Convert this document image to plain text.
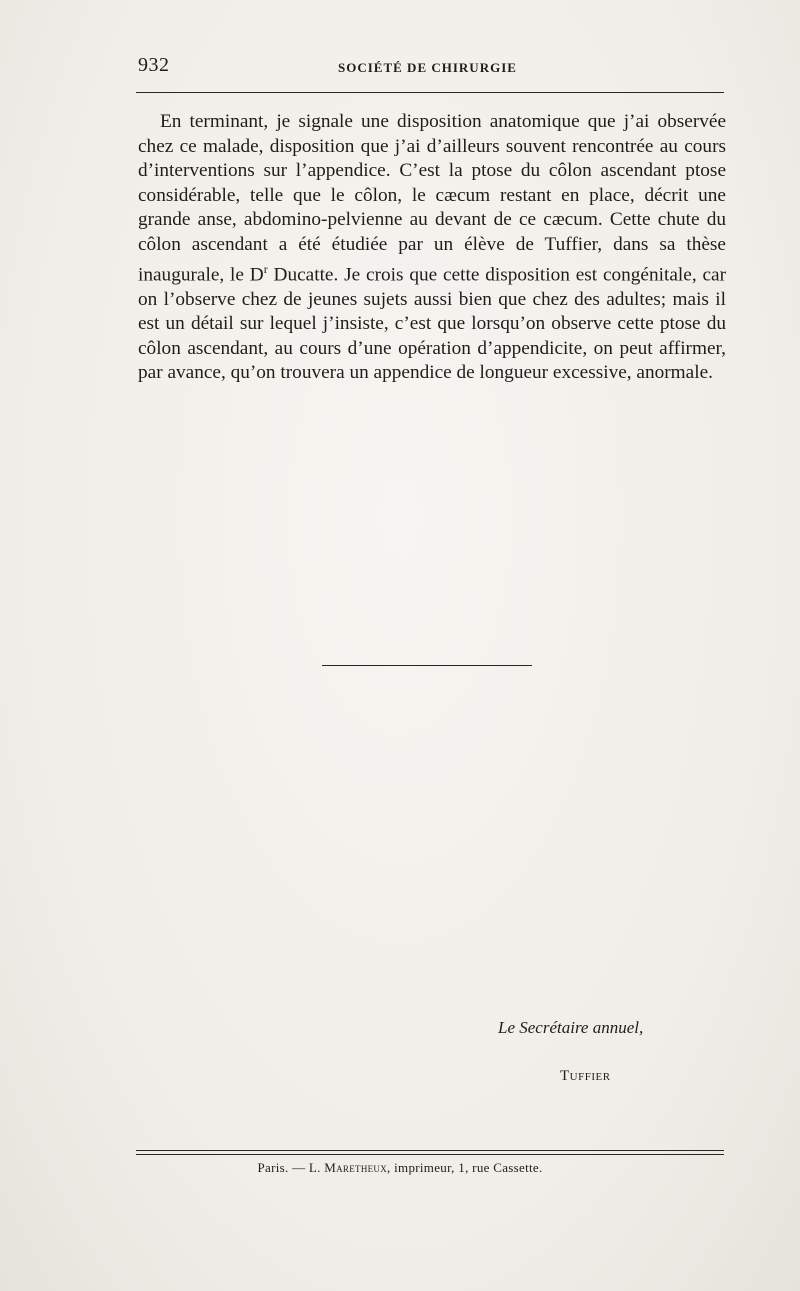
932	SOCIÉTÉ DE CHIRURGIE

En terminant, je signale une disposition anatomique que j’ai observée chez ce malade, disposition que j’ai d’ailleurs souvent rencontrée au cours d’interventions sur l’appendice. C’est la ptose du côlon ascendant ptose considérable, telle que le côlon, le cæcum restant en place, décrit une grande anse, abdomino-pelvienne au devant de ce cæcum. Cette chute du côlon ascendant a été étudiée par un élève de Tuffier, dans sa thèse inaugurale, le $D^r$ Ducatte. Je crois que cette disposition est congénitale, car on l’observe chez de jeunes sujets aussi bien que chez des adultes; mais il est un détail sur lequel j’insiste, c’est que lorsqu’on observe cette ptose du côlon ascendant, au cours d’une opération d’appendicite, on peut affirmer, par avance, qu’on trouvera un appendice de longueur excessive, anormale.

Le Secrétaire annuel,
Tuffier
Paris. — L. Maretheux, imprimeur, 1, rue Cassette.
